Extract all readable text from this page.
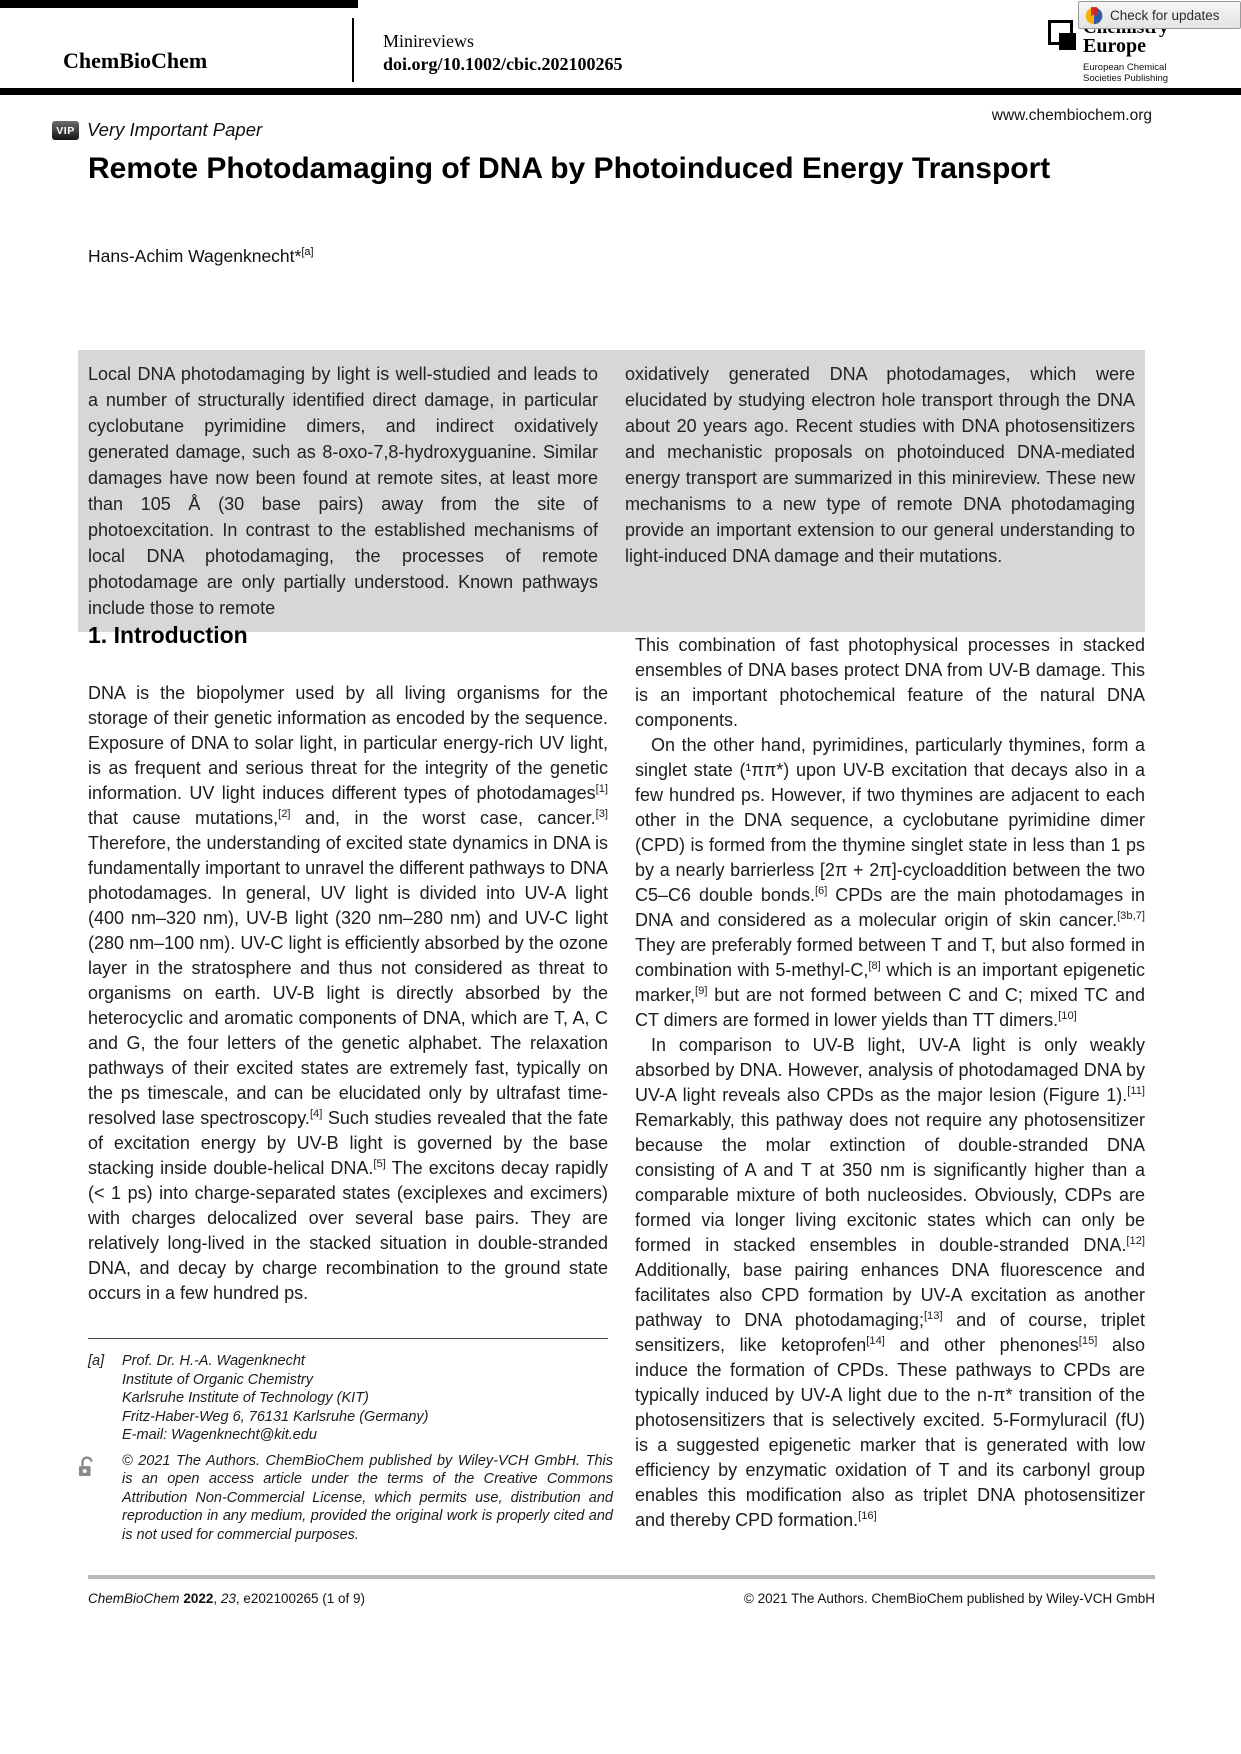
ChemBioChem
Minireviews
doi.org/10.1002/cbic.202100265
Europe
European Chemical
Societies Publishing
Check for updates
www.chembiochem.org
VIP Very Important Paper
Remote Photodamaging of DNA by Photoinduced Energy Transport
Hans-Achim Wagenknecht*[a]
Local DNA photodamaging by light is well-studied and leads to a number of structurally identified direct damage, in particular cyclobutane pyrimidine dimers, and indirect oxidatively generated damage, such as 8-oxo-7,8-hydroxyguanine. Similar damages have now been found at remote sites, at least more than 105 Å (30 base pairs) away from the site of photoexcitation. In contrast to the established mechanisms of local DNA photodamaging, the processes of remote photodamage are only partially understood. Known pathways include those to remote
oxidatively generated DNA photodamages, which were elucidated by studying electron hole transport through the DNA about 20 years ago. Recent studies with DNA photosensitizers and mechanistic proposals on photoinduced DNA-mediated energy transport are summarized in this minireview. These new mechanisms to a new type of remote DNA photodamaging provide an important extension to our general understanding to light-induced DNA damage and their mutations.
1. Introduction
DNA is the biopolymer used by all living organisms for the storage of their genetic information as encoded by the sequence. Exposure of DNA to solar light, in particular energy-rich UV light, is as frequent and serious threat for the integrity of the genetic information. UV light induces different types of photodamages[1] that cause mutations,[2] and, in the worst case, cancer.[3] Therefore, the understanding of excited state dynamics in DNA is fundamentally important to unravel the different pathways to DNA photodamages. In general, UV light is divided into UV-A light (400 nm–320 nm), UV-B light (320 nm–280 nm) and UV-C light (280 nm–100 nm). UV-C light is efficiently absorbed by the ozone layer in the stratosphere and thus not considered as threat to organisms on earth. UV-B light is directly absorbed by the heterocyclic and aromatic components of DNA, which are T, A, C and G, the four letters of the genetic alphabet. The relaxation pathways of their excited states are extremely fast, typically on the ps timescale, and can be elucidated only by ultrafast time-resolved lase spectroscopy.[4] Such studies revealed that the fate of excitation energy by UV-B light is governed by the base stacking inside double-helical DNA.[5] The excitons decay rapidly (< 1 ps) into charge-separated states (exciplexes and excimers) with charges delocalized over several base pairs. They are relatively long-lived in the stacked situation in double-stranded DNA, and decay by charge recombination to the ground state occurs in a few hundred ps.

This combination of fast photophysical processes in stacked ensembles of DNA bases protect DNA from UV-B damage. This is an important photochemical feature of the natural DNA components.

On the other hand, pyrimidines, particularly thymines, form a singlet state (¹ππ*) upon UV-B excitation that decays also in a few hundred ps. However, if two thymines are adjacent to each other in the DNA sequence, a cyclobutane pyrimidine dimer (CPD) is formed from the thymine singlet state in less than 1 ps by a nearly barrierless [2π + 2π]-cycloaddition between the two C5–C6 double bonds.[6] CPDs are the main photodamages in DNA and considered as a molecular origin of skin cancer.[3b,7] They are preferably formed between T and T, but also formed in combination with 5-methyl-C,[8] which is an important epigenetic marker,[9] but are not formed between C and C; mixed TC and CT dimers are formed in lower yields than TT dimers.[10]

In comparison to UV-B light, UV-A light is only weakly absorbed by DNA. However, analysis of photodamaged DNA by UV-A light reveals also CPDs as the major lesion (Figure 1).[11] Remarkably, this pathway does not require any photosensitizer because the molar extinction of double-stranded DNA consisting of A and T at 350 nm is significantly higher than a comparable mixture of both nucleosides. Obviously, CDPs are formed via longer living excitonic states which can only be formed in stacked ensembles in double-stranded DNA.[12] Additionally, base pairing enhances DNA fluorescence and facilitates also CPD formation by UV-A excitation as another pathway to DNA photodamaging;[13] and of course, triplet sensitizers, like ketoprofen[14] and other phenones[15] also induce the formation of CPDs. These pathways to CPDs are typically induced by UV-A light due to the n-π* transition of the photosensitizers that is selectively excited. 5-Formyluracil (fU) is a suggested epigenetic marker that is generated with low efficiency by enzymatic oxidation of T and its carbonyl group enables this modification also as triplet DNA photosensitizer and thereby CPD formation.[16]

[a]	Prof. Dr. H.-A. Wagenknecht
Institute of Organic Chemistry
Karlsruhe Institute of Technology (KIT)
Fritz-Haber-Weg 6, 76131 Karlsruhe (Germany)
E-mail: Wagenknecht@kit.edu
© 2021 The Authors. ChemBioChem published by Wiley-VCH GmbH. This is an open access article under the terms of the Creative Commons Attribution Non-Commercial License, which permits use, distribution and reproduction in any medium, provided the original work is properly cited and is not used for commercial purposes.
ChemBioChem 2022, 23, e202100265 (1 of 9)	© 2021 The Authors. ChemBioChem published by Wiley-VCH GmbH
